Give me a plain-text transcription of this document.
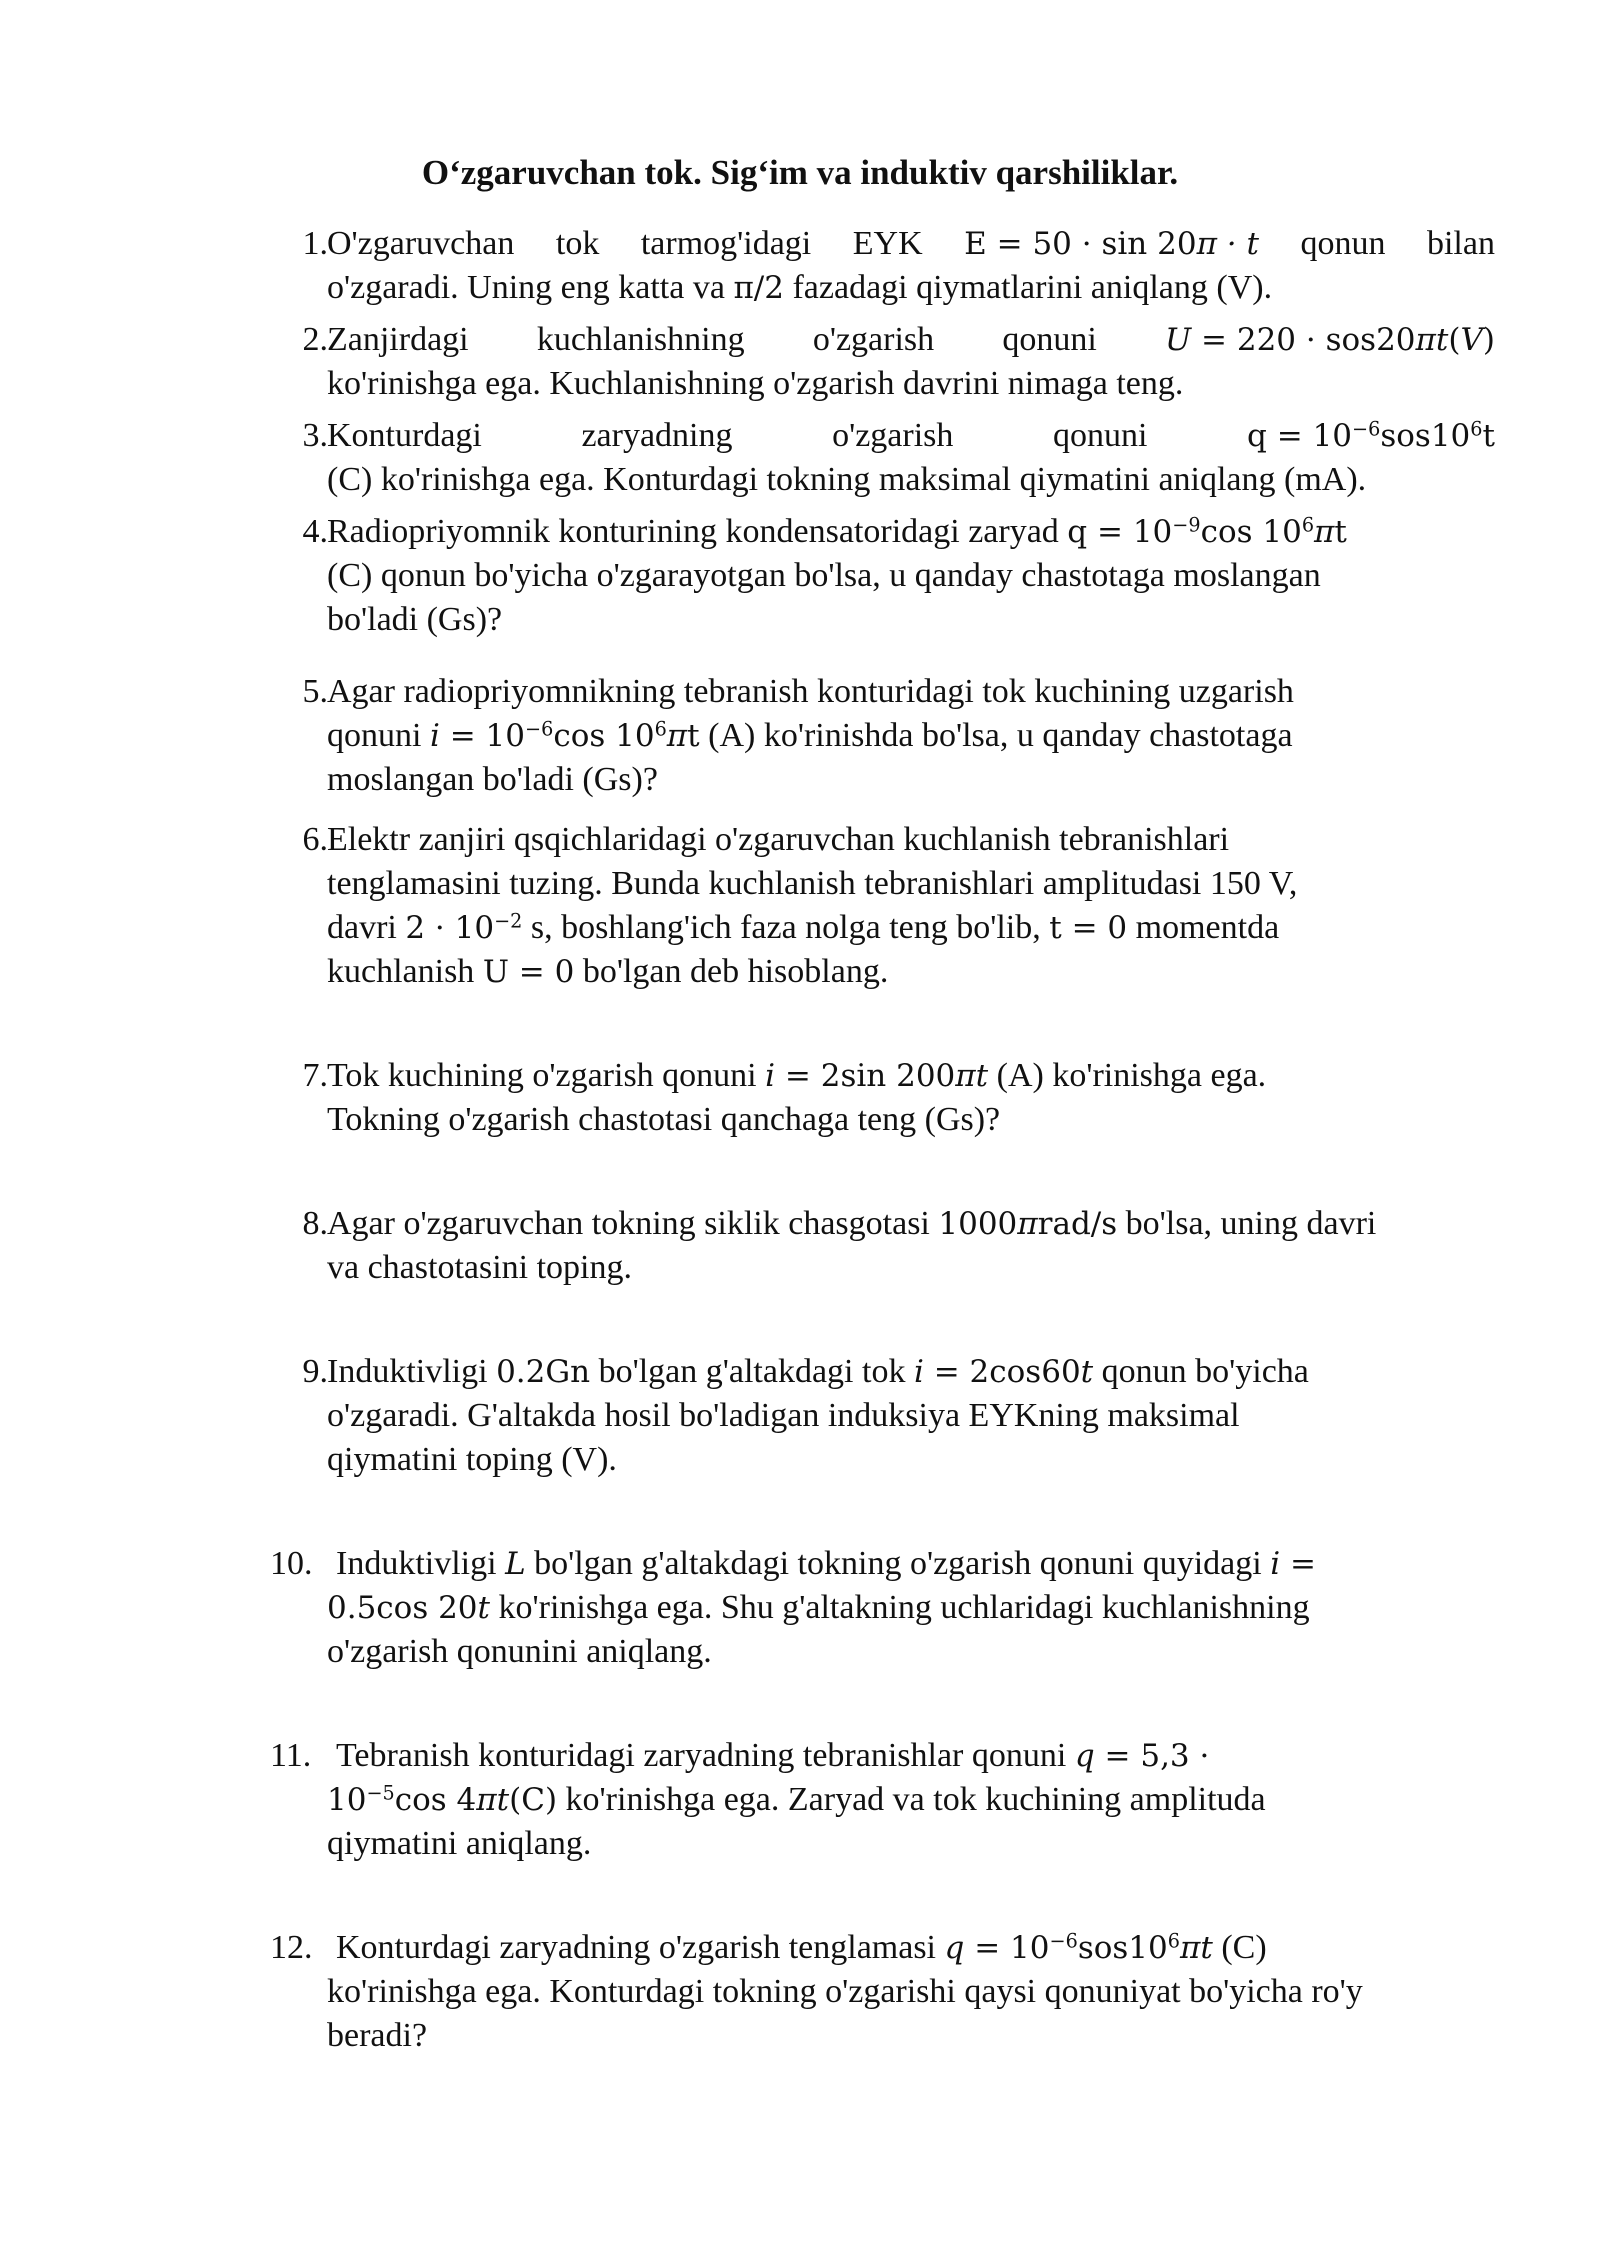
O‘zgaruvchan tok. Sig‘im va induktiv qarshiliklar.
1. O'zgaruvchan tok tarmog'idagi EYK E = 50 · sin 20π · t qonun bilan
o'zgaradi. Uning eng katta va π/2 fazadagi qiymatlarini aniqlang (V).
2. Zanjirdagi kuchlanishning o'zgarish qonuni U = 220 · sos20πt(V)
ko'rinishga ega. Kuchlanishning o'zgarish davrini nimaga teng.
3. Konturdagi	zaryadning	o'zgarish	qonuni	$q = 10^{-6}sos10^6t$
(C) ko'rinishga ega. Konturdagi tokning maksimal qiymatini aniqlang (mA).
4. Radiopriyomnik konturining kondensatoridagi zaryad $q = 10^{-9}\cos$ $10^6\pi t$
(C) qonun bo'yicha o'zgarayotgan bo'lsa, u qanday chastotaga moslangan
bo'ladi (Gs)?
5. Agar radiopriyomnikning tebranish konturidagi tok kuchining uzgarish
qonuni $i = 10^{-6}\cos$ $10^6\pi t$ (A) ko'rinishda bo'lsa, u qanday chastotaga
moslangan bo'ladi (Gs)?
6. Elektr zanjiri qsqichlaridagi o'zgaruvchan kuchlanish tebranishlari
tenglamasini tuzing. Bunda kuchlanish tebranishlari amplitudasi 150 V,
davri $2 \cdot 10^{-2}$ s, boshlang'ich faza nolga teng bo'lib, t = 0 momentda
kuchlanish U = 0 bo'lgan deb hisoblang.
7. Tok kuchining o'zgarish qonuni i = 2sin 200πt (A) ko'rinishga ega.
Tokning o'zgarish chastotasi qanchaga teng (Gs)?
8. Agar o'zgaruvchan tokning siklik chasgotasi 1000πrad/s bo'lsa, uning davri
va chastotasini toping.
9. Induktivligi 0.2Gn bo'lgan g'altakdagi tok i = 2cos60t qonun bo'yicha
o'zgaradi. G'altakda hosil bo'ladigan induksiya EYKning maksimal
qiymatini toping (V).
10. Induktivligi L bo'lgan g'altakdagi tokning o'zgarish qonuni quyidagi i =
0.5cos 20t ko'rinishga ega. Shu g'altakning uchlaridagi kuchlanishning
o'zgarish qonunini aniqlang.
11. Tebranish konturidagi zaryadning tebranishlar qonuni q = 5,3 ·
$10^{-5}\cos$ 4πt(C) ko'rinishga ega. Zaryad va tok kuchining amplituda
qiymatini aniqlang.
12. Konturdagi zaryadning o'zgarish tenglamasi $q = 10^{-6}sos10^6\pi t$ (C)
ko'rinishga ega. Konturdagi tokning o'zgarishi qaysi qonuniyat bo'yicha ro'y
beradi?
